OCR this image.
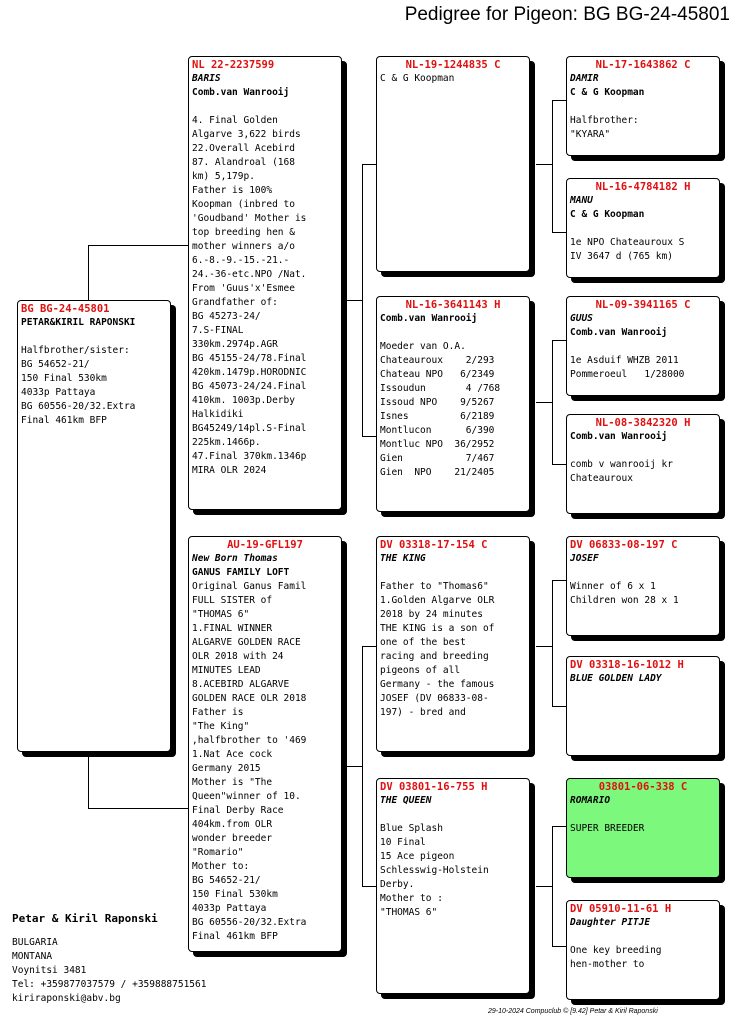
Pedigree for Pigeon: BG BG-24-45801
BG BG-24-45801
PETAR&KIRIL RAPONSKI
Halfbrother/sister:
BG 54652-21/
150 Final 530km
4033p Pattaya
BG 60556-20/32.Extra
Final 461km BFP
NL 22-2237599
BARIS
Comb.van Wanrooij
4. Final Golden
Algarve 3,622 birds
22.Overall Acebird
87. Alandroal (168
km) 5,179p.
Father is 100%
Koopman (inbred to
'Goudband' Mother is
top breeding hen &
mother winners a/o
6.-8.-9.-15.-21.-
24.-36-etc.NPO /Nat.
From 'Guus'x'Esmee
Grandfather of:
BG 45273-24/
7.S-FINAL
330km.2974p.AGR
BG 45155-24/78.Final
420km.1479p.HORODNIC
BG 45073-24/24.Final
410km. 1003p.Derby
Halkidiki
BG45249/14pl.S-Final
225km.1466p.
47.Final 370km.1346p
MIRA OLR 2024
AU-19-GFL197
New Born Thomas
GANUS FAMILY LOFT
Original Ganus Famil
FULL SISTER of
"THOMAS 6"
1.FINAL WINNER
ALGARVE GOLDEN RACE
OLR 2018 with 24
MINUTES LEAD
8.ACEBIRD ALGARVE
GOLDEN RACE OLR 2018
Father is
"The King"
,halfbrother to '469
1.Nat Ace cock
Germany 2015
Mother is "The
Queen"winner of 10.
Final Derby Race
404km.from OLR
wonder breeder
"Romario"
Mother to:
BG 54652-21/
150 Final 530km
4033p Pattaya
BG 60556-20/32.Extra
Final 461km BFP
NL-19-1244835 C
C & G Koopman
NL-16-3641143 H
Comb.van Wanrooij
Moeder van O.A.
Chateauroux    2/293
Chateau NPO   6/2349
Issoudun       4 /768
Issoud NPO    9/5267
Isnes         6/2189
Montlucon      6/390
Montluc NPO  36/2952
Gien           7/467
Gien  NPO    21/2405
DV 03318-17-154 C
THE KING
Father to "Thomas6"
1.Golden Algarve OLR
2018 by 24 minutes
THE KING is a son of
one of the best
racing and breeding
pigeons of all
Germany - the famous
JOSEF (DV 06833-08-
197) - bred and
DV 03801-16-755 H
THE QUEEN
Blue Splash
10 Final
15 Ace pigeon
Schlesswig-Holstein
Derby.
Mother to :
"THOMAS 6"
NL-17-1643862 C
DAMIR
C & G Koopman
Halfbrother:
"KYARA"
NL-16-4784182 H
MANU
C & G Koopman
1e NPO Chateauroux S
IV 3647 d (765 km)
NL-09-3941165 C
GUUS
Comb.van Wanrooij
1e Asduif WHZB 2011
Pommeroeul   1/28000
NL-08-3842320 H
Comb.van Wanrooij
comb v wanrooij kr
Chateauroux
DV 06833-08-197 C
JOSEF
Winner of 6 x 1
Children won 28 x 1
DV 03318-16-1012 H
BLUE GOLDEN LADY
03801-06-338 C
ROMARIO
SUPER BREEDER
DV 05910-11-61 H
Daughter PITJE
One key breeding
hen-mother to
Petar & Kiril Raponski
BULGARIA
MONTANA
Voynitsi 3481
Tel: +359877037579 / +359888751561
kiriraponski@abv.bg
29-10-2024 Compuclub © [9.42] Petar & Kiril Raponski
